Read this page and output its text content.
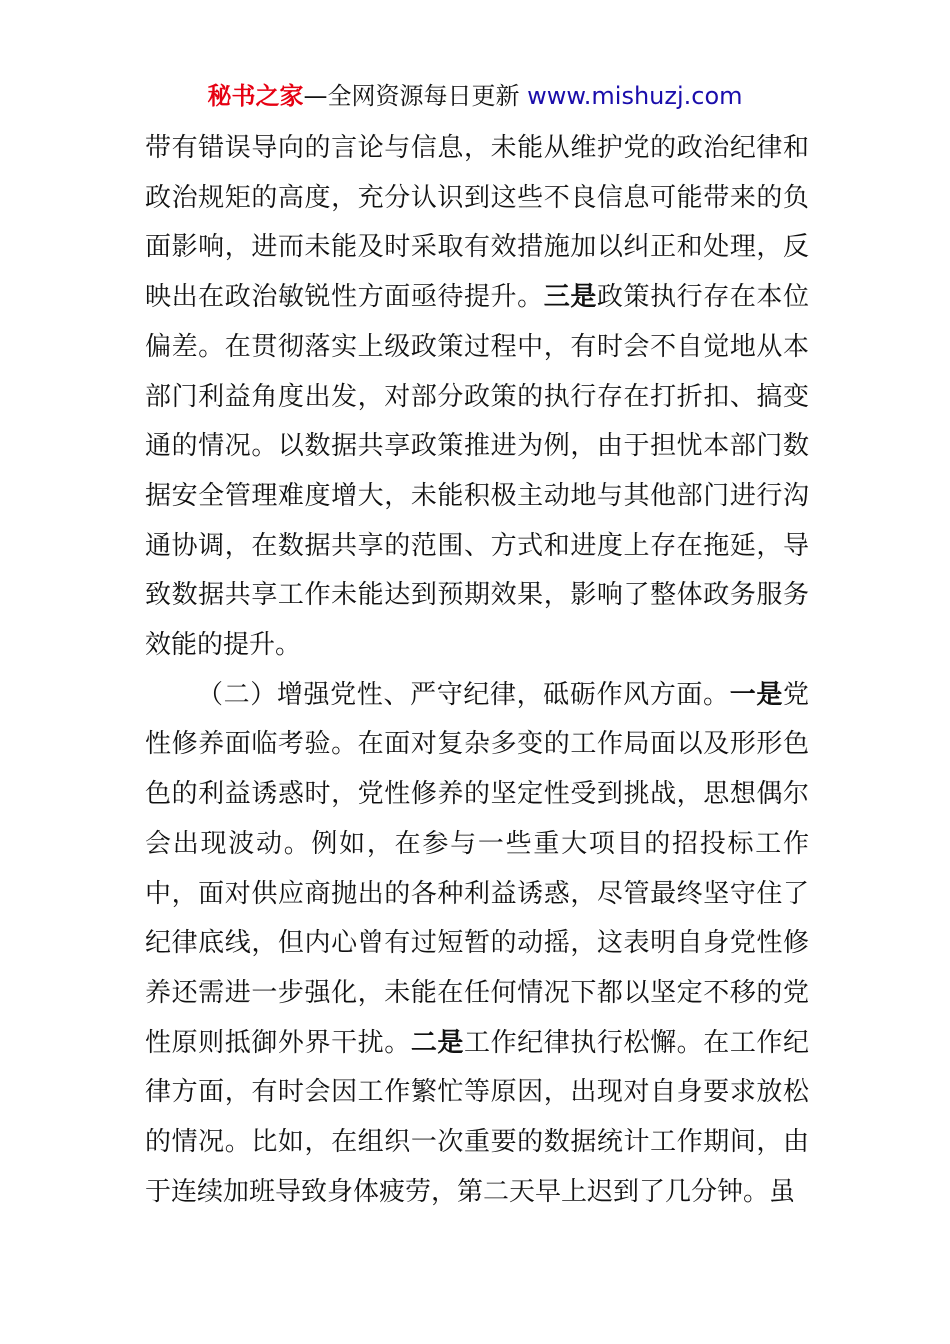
秘书之家—全网资源每日更新 www.mishuzj.com

带有错误导向的言论与信息，未能从维护党的政治纪律和政治规矩的高度，充分认识到这些不良信息可能带来的负面影响，进而未能及时采取有效措施加以纠正和处理，反映出在政治敏锐性方面亟待提升。三是政策执行存在本位偏差。在贯彻落实上级政策过程中，有时会不自觉地从本部门利益角度出发，对部分政策的执行存在打折扣、搞变通的情况。以数据共享政策推进为例，由于担忧本部门数据安全管理难度增大，未能积极主动地与其他部门进行沟通协调，在数据共享的范围、方式和进度上存在拖延，导致数据共享工作未能达到预期效果，影响了整体政务服务效能的提升。

（二）增强党性、严守纪律，砥砺作风方面。一是党性修养面临考验。在面对复杂多变的工作局面以及形形色色的利益诱惑时，党性修养的坚定性受到挑战，思想偶尔会出现波动。例如，在参与一些重大项目的招投标工作中，面对供应商抛出的各种利益诱惑，尽管最终坚守住了纪律底线，但内心曾有过短暂的动摇，这表明自身党性修养还需进一步强化，未能在任何情况下都以坚定不移的党性原则抵御外界干扰。二是工作纪律执行松懈。在工作纪律方面，有时会因工作繁忙等原因，出现对自身要求放松的情况。比如，在组织一次重要的数据统计工作期间，由于连续加班导致身体疲劳，第二天早上迟到了几分钟。虽
